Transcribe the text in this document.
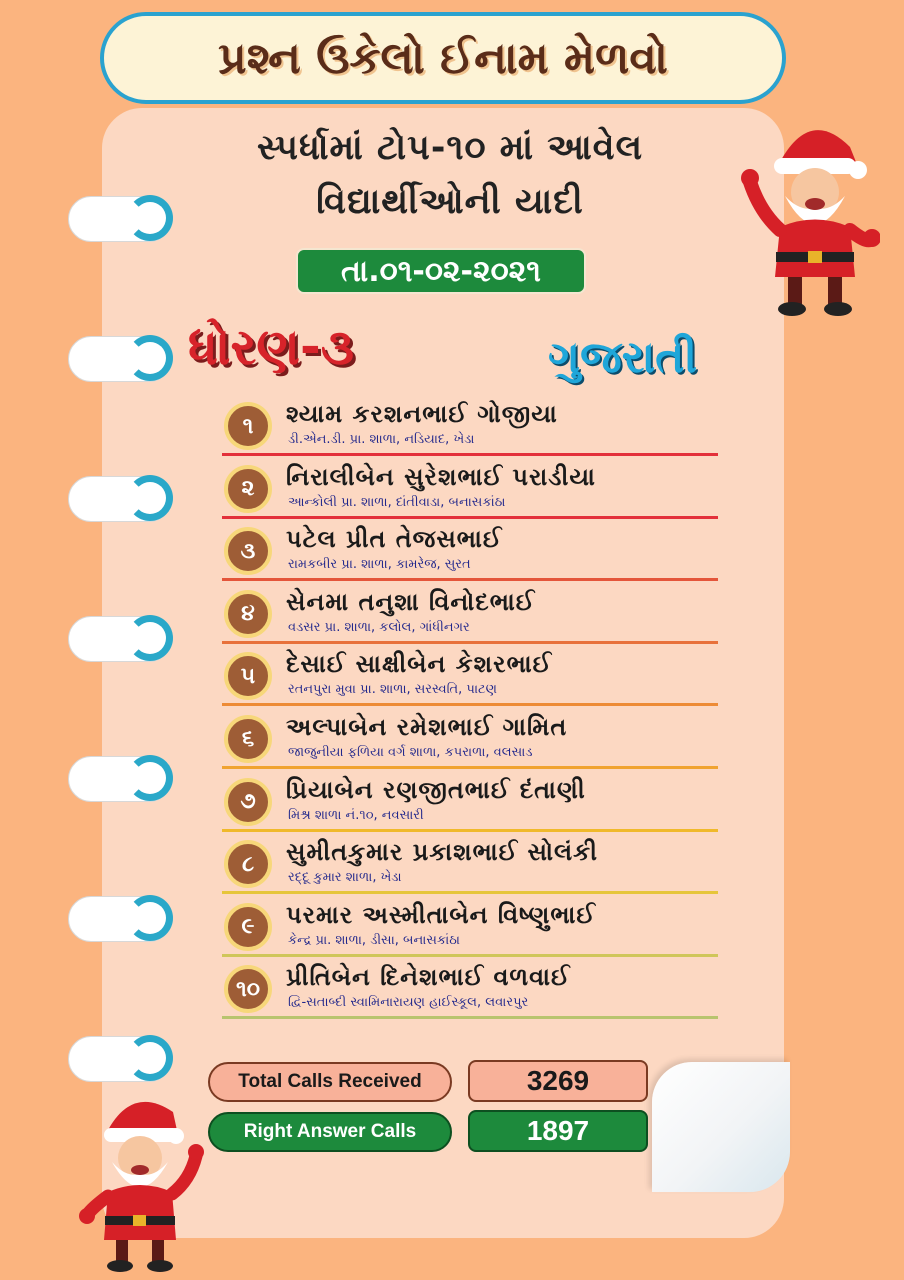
પ્રશ્ન ઉકેલો ઈનામ મેળવો
સ્પર્ધામાં ટોપ-૧૦ માં આવેલ
વિદ્યાર્થીઓની યાદી
તા.૦૧-૦૨-૨૦૨૧
ધોરણ-૩	ગુજરાતી
૧	શ્યામ કરશનભાઈ ગોજીયા
ડી.એન.ડી. પ્રા. શાળા, નડિયાદ, ખેડા
૨	નિરાલીબેન સુરેશભાઈ પરાડીયા
આન્કોલી પ્રા. શાળા, દાંતીવાડા, બનાસકાંઠા
૩	પટેલ પ્રીત તેજસભાઈ
રામકબીર પ્રા. શાળા, કામરેજ, સુરત
૪	સેનમા તનુશા વિનોદભાઈ
વડસર પ્રા. શાળા, કલોલ, ગાંધીનગર
૫	દેસાઈ સાક્ષીબેન કેશરભાઈ
રતનપુરા મુવા પ્રા. શાળા, સરસ્વતિ, પાટણ
૬	અલ્પાબેન રમેશભાઈ ગામિત
જાજુનીયા ફળિયા વર્ગ શાળા, કપરાળા, વલસાડ
૭	પ્રિયાબેન રણજીતભાઈ દંતાણી
મિશ્ર શાળા નં.૧૦, નવસારી
૮	સુમીતકુમાર પ્રકાશભાઈ સોલંકી
રદ્દૂ કુમાર શાળા, ખેડા
૯	પરમાર અસ્મીતાબેન વિષ્ણુભાઈ
કેન્દ્ર પ્રા. શાળા, ડીસા, બનાસકાંઠા
૧૦	પ્રીતિબેન દિનેશભાઈ વળવાઈ
દ્વિ-સતાબ્દી સ્વામિનારાયણ હાઈસ્કૂલ, લવારપુર
Total Calls Received	3269
Right Answer Calls	1897
